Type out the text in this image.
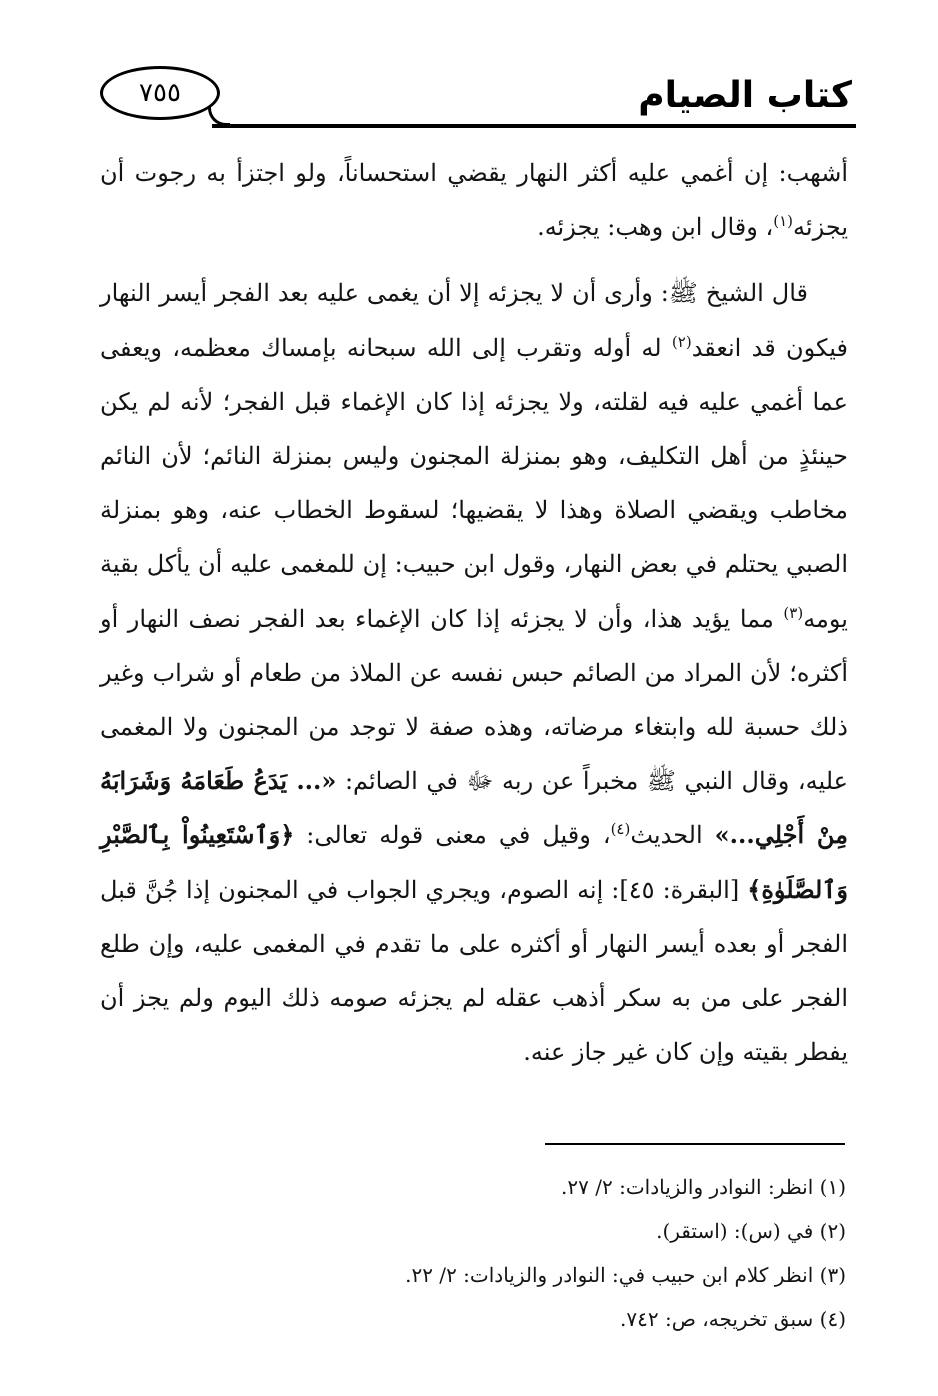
كتاب الصيام
٧٥٥

أشهب: إن أغمي عليه أكثر النهار يقضي استحساناً، ولو اجتزأ به رجوت أن يجزئه$^{(١)}$، وقال ابن وهب: يجزئه.

قال الشيخ ﷺ: وأرى أن لا يجزئه إلا أن يغمى عليه بعد الفجر أيسر النهار فيكون قد انعقد$^{(٢)}$ له أوله وتقرب إلى الله سبحانه بإمساك معظمه، ويعفى عما أغمي عليه فيه لقلته، ولا يجزئه إذا كان الإغماء قبل الفجر؛ لأنه لم يكن حينئذٍ من أهل التكليف، وهو بمنزلة المجنون وليس بمنزلة النائم؛ لأن النائم مخاطب ويقضي الصلاة وهذا لا يقضيها؛ لسقوط الخطاب عنه، وهو بمنزلة الصبي يحتلم في بعض النهار، وقول ابن حبيب: إن للمغمى عليه أن يأكل بقية يومه$^{(٣)}$ مما يؤيد هذا، وأن لا يجزئه إذا كان الإغماء بعد الفجر نصف النهار أو أكثره؛ لأن المراد من الصائم حبس نفسه عن الملاذ من طعام أو شراب وغير ذلك حسبة لله وابتغاء مرضاته، وهذه صفة لا توجد من المجنون ولا المغمى عليه، وقال النبي ﷺ مخبراً عن ربه ﷻ في الصائم: «... يَدَعُ طَعَامَهُ وَشَرَابَهُ مِنْ أَجْلِي...» الحديث$^{(٤)}$، وقيل في معنى قوله تعالى: ﴿وَٱسْتَعِينُواْ بِٱلصَّبْرِ وَٱلصَّلَوٰةِ﴾ [البقرة: ٤٥]: إنه الصوم، ويجري الجواب في المجنون إذا جُنَّ قبل الفجر أو بعده أيسر النهار أو أكثره على ما تقدم في المغمى عليه، وإن طلع الفجر على من به سكر أذهب عقله لم يجزئه صومه ذلك اليوم ولم يجز أن يفطر بقيته وإن كان غير جاز عنه.

(١) انظر: النوادر والزيادات: ٢/ ٢٧.
(٢) في (س): (استقر).
(٣) انظر كلام ابن حبيب في: النوادر والزيادات: ٢/ ٢٢.
(٤) سبق تخريجه، ص: ٧٤٢.
